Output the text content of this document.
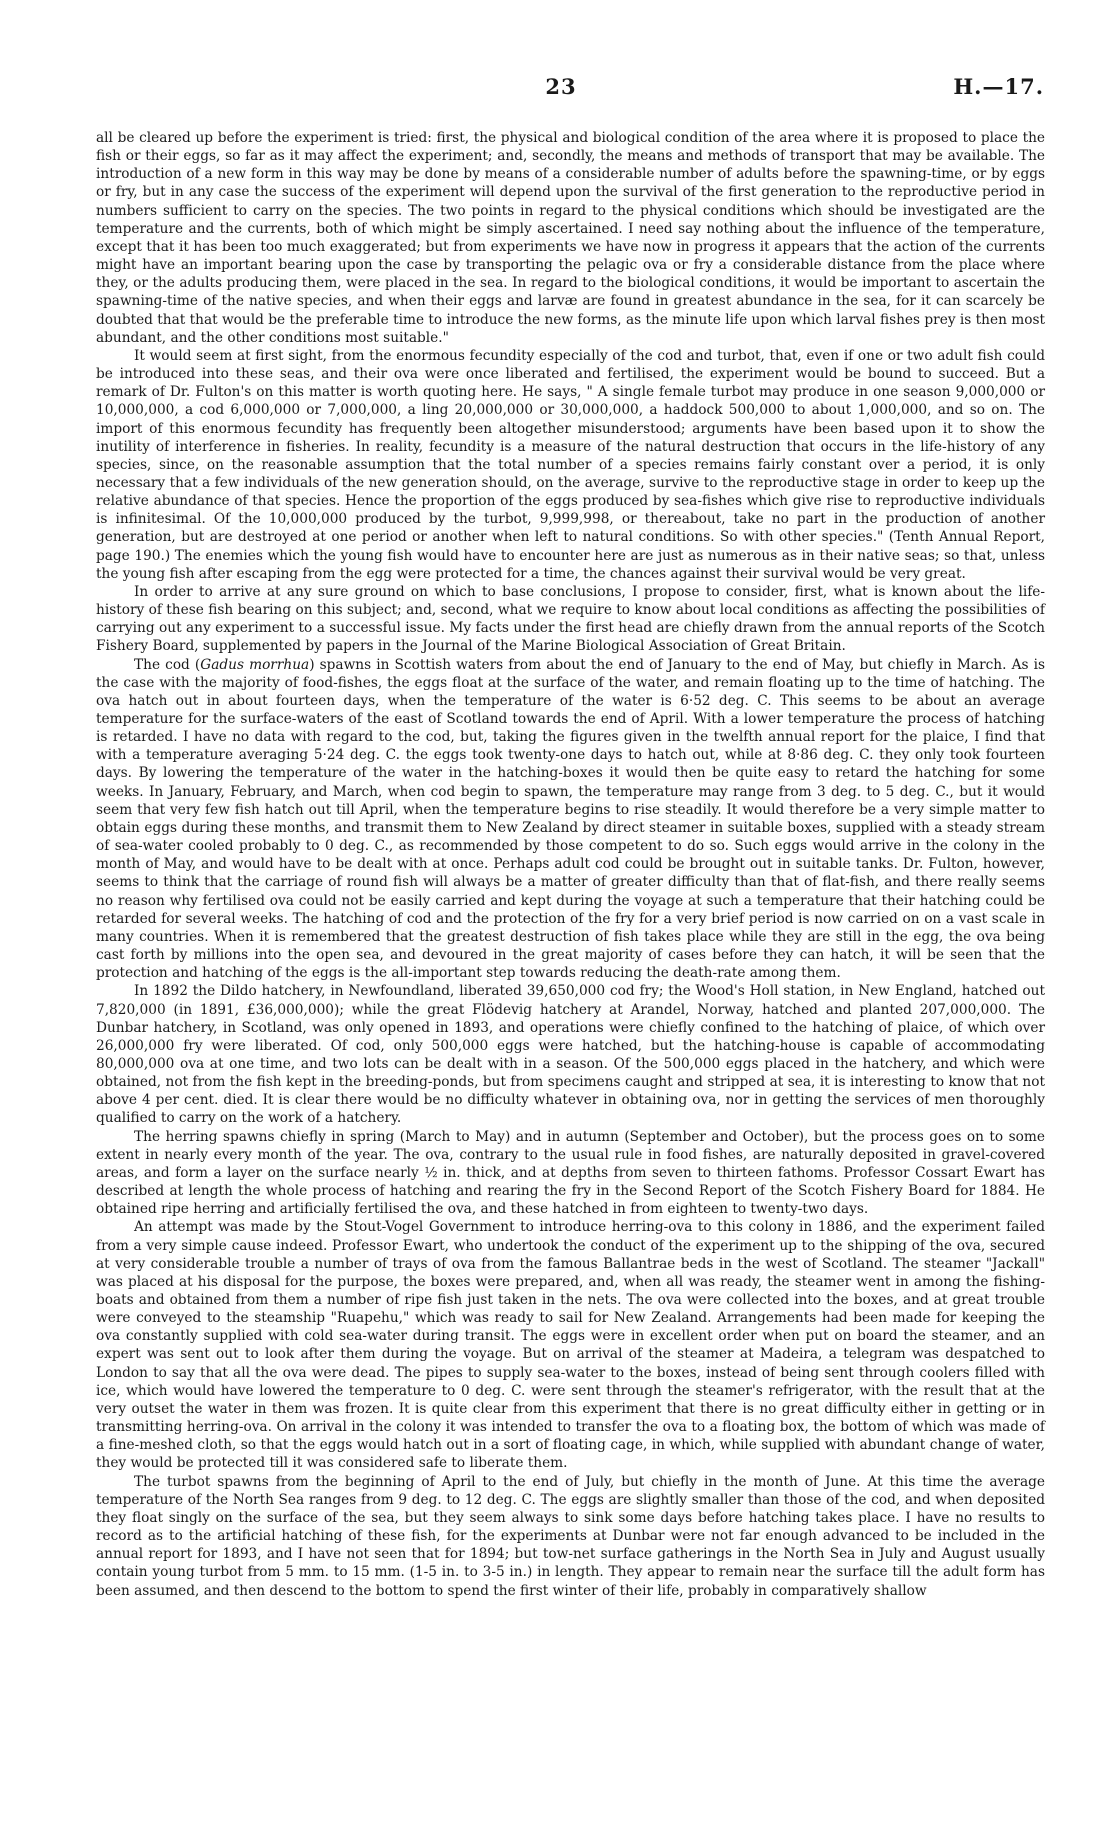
23	H.—17.

all be cleared up before the experiment is tried: first, the physical and biological condition of the area where it is proposed to place the fish or their eggs, so far as it may affect the experiment; and, secondly, the means and methods of transport that may be available. The introduction of a new form in this way may be done by means of a considerable number of adults before the spawning-time, or by eggs or fry, but in any case the success of the experiment will depend upon the survival of the first generation to the reproductive period in numbers sufficient to carry on the species. The two points in regard to the physical conditions which should be investigated are the temperature and the currents, both of which might be simply ascertained. I need say nothing about the influence of the temperature, except that it has been too much exaggerated; but from experiments we have now in progress it appears that the action of the currents might have an important bearing upon the case by transporting the pelagic ova or fry a considerable distance from the place where they, or the adults producing them, were placed in the sea. In regard to the biological conditions, it would be important to ascertain the spawning-time of the native species, and when their eggs and larvæ are found in greatest abundance in the sea, for it can scarcely be doubted that that would be the preferable time to introduce the new forms, as the minute life upon which larval fishes prey is then most abundant, and the other conditions most suitable."

It would seem at first sight, from the enormous fecundity especially of the cod and turbot, that, even if one or two adult fish could be introduced into these seas, and their ova were once liberated and fertilised, the experiment would be bound to succeed. But a remark of Dr. Fulton's on this matter is worth quoting here. He says, " A single female turbot may produce in one season 9,000,000 or 10,000,000, a cod 6,000,000 or 7,000,000, a ling 20,000,000 or 30,000,000, a haddock 500,000 to about 1,000,000, and so on. The import of this enormous fecundity has frequently been altogether misunderstood; arguments have been based upon it to show the inutility of interference in fisheries. In reality, fecundity is a measure of the natural destruction that occurs in the life-history of any species, since, on the reasonable assumption that the total number of a species remains fairly constant over a period, it is only necessary that a few individuals of the new generation should, on the average, survive to the reproductive stage in order to keep up the relative abundance of that species. Hence the proportion of the eggs produced by sea-fishes which give rise to reproductive individuals is infinitesimal. Of the 10,000,000 produced by the turbot, 9,999,998, or thereabout, take no part in the production of another generation, but are destroyed at one period or another when left to natural conditions. So with other species." (Tenth Annual Report, page 190.) The enemies which the young fish would have to encounter here are just as numerous as in their native seas; so that, unless the young fish after escaping from the egg were protected for a time, the chances against their survival would be very great.

In order to arrive at any sure ground on which to base conclusions, I propose to consider, first, what is known about the life-history of these fish bearing on this subject; and, second, what we require to know about local conditions as affecting the possibilities of carrying out any experiment to a successful issue. My facts under the first head are chiefly drawn from the annual reports of the Scotch Fishery Board, supplemented by papers in the Journal of the Marine Biological Association of Great Britain.

The cod (Gadus morrhua) spawns in Scottish waters from about the end of January to the end of May, but chiefly in March. As is the case with the majority of food-fishes, the eggs float at the surface of the water, and remain floating up to the time of hatching. The ova hatch out in about fourteen days, when the temperature of the water is 6·52 deg. C. This seems to be about an average temperature for the surface-waters of the east of Scotland towards the end of April. With a lower temperature the process of hatching is retarded. I have no data with regard to the cod, but, taking the figures given in the twelfth annual report for the plaice, I find that with a temperature averaging 5·24 deg. C. the eggs took twenty-one days to hatch out, while at 8·86 deg. C. they only took fourteen days. By lowering the temperature of the water in the hatching-boxes it would then be quite easy to retard the hatching for some weeks. In January, February, and March, when cod begin to spawn, the temperature may range from 3 deg. to 5 deg. C., but it would seem that very few fish hatch out till April, when the temperature begins to rise steadily. It would therefore be a very simple matter to obtain eggs during these months, and transmit them to New Zealand by direct steamer in suitable boxes, supplied with a steady stream of sea-water cooled probably to 0 deg. C., as recommended by those competent to do so. Such eggs would arrive in the colony in the month of May, and would have to be dealt with at once. Perhaps adult cod could be brought out in suitable tanks. Dr. Fulton, however, seems to think that the carriage of round fish will always be a matter of greater difficulty than that of flat-fish, and there really seems no reason why fertilised ova could not be easily carried and kept during the voyage at such a temperature that their hatching could be retarded for several weeks. The hatching of cod and the protection of the fry for a very brief period is now carried on on a vast scale in many countries. When it is remembered that the greatest destruction of fish takes place while they are still in the egg, the ova being cast forth by millions into the open sea, and devoured in the great majority of cases before they can hatch, it will be seen that the protection and hatching of the eggs is the all-important step towards reducing the death-rate among them.

In 1892 the Dildo hatchery, in Newfoundland, liberated 39,650,000 cod fry; the Wood's Holl station, in New England, hatched out 7,820,000 (in 1891, £36,000,000); while the great Flödevig hatchery at Arandel, Norway, hatched and planted 207,000,000. The Dunbar hatchery, in Scotland, was only opened in 1893, and operations were chiefly confined to the hatching of plaice, of which over 26,000,000 fry were liberated. Of cod, only 500,000 eggs were hatched, but the hatching-house is capable of accommodating 80,000,000 ova at one time, and two lots can be dealt with in a season. Of the 500,000 eggs placed in the hatchery, and which were obtained, not from the fish kept in the breeding-ponds, but from specimens caught and stripped at sea, it is interesting to know that not above 4 per cent. died. It is clear there would be no difficulty whatever in obtaining ova, nor in getting the services of men thoroughly qualified to carry on the work of a hatchery.

The herring spawns chiefly in spring (March to May) and in autumn (September and October), but the process goes on to some extent in nearly every month of the year. The ova, contrary to the usual rule in food fishes, are naturally deposited in gravel-covered areas, and form a layer on the surface nearly ½ in. thick, and at depths from seven to thirteen fathoms. Professor Cossart Ewart has described at length the whole process of hatching and rearing the fry in the Second Report of the Scotch Fishery Board for 1884. He obtained ripe herring and artificially fertilised the ova, and these hatched in from eighteen to twenty-two days.

An attempt was made by the Stout-Vogel Government to introduce herring-ova to this colony in 1886, and the experiment failed from a very simple cause indeed. Professor Ewart, who undertook the conduct of the experiment up to the shipping of the ova, secured at very considerable trouble a number of trays of ova from the famous Ballantrae beds in the west of Scotland. The steamer "Jackall" was placed at his disposal for the purpose, the boxes were prepared, and, when all was ready, the steamer went in among the fishing-boats and obtained from them a number of ripe fish just taken in the nets. The ova were collected into the boxes, and at great trouble were conveyed to the steamship "Ruapehu," which was ready to sail for New Zealand. Arrangements had been made for keeping the ova constantly supplied with cold sea-water during transit. The eggs were in excellent order when put on board the steamer, and an expert was sent out to look after them during the voyage. But on arrival of the steamer at Madeira, a telegram was despatched to London to say that all the ova were dead. The pipes to supply sea-water to the boxes, instead of being sent through coolers filled with ice, which would have lowered the temperature to 0 deg. C. were sent through the steamer's refrigerator, with the result that at the very outset the water in them was frozen. It is quite clear from this experiment that there is no great difficulty either in getting or in transmitting herring-ova. On arrival in the colony it was intended to transfer the ova to a floating box, the bottom of which was made of a fine-meshed cloth, so that the eggs would hatch out in a sort of floating cage, in which, while supplied with abundant change of water, they would be protected till it was considered safe to liberate them.

The turbot spawns from the beginning of April to the end of July, but chiefly in the month of June. At this time the average temperature of the North Sea ranges from 9 deg. to 12 deg. C. The eggs are slightly smaller than those of the cod, and when deposited they float singly on the surface of the sea, but they seem always to sink some days before hatching takes place. I have no results to record as to the artificial hatching of these fish, for the experiments at Dunbar were not far enough advanced to be included in the annual report for 1893, and I have not seen that for 1894; but tow-net surface gatherings in the North Sea in July and August usually contain young turbot from 5 mm. to 15 mm. (1-5 in. to 3-5 in.) in length. They appear to remain near the surface till the adult form has been assumed, and then descend to the bottom to spend the first winter of their life, probably in comparatively shallow
